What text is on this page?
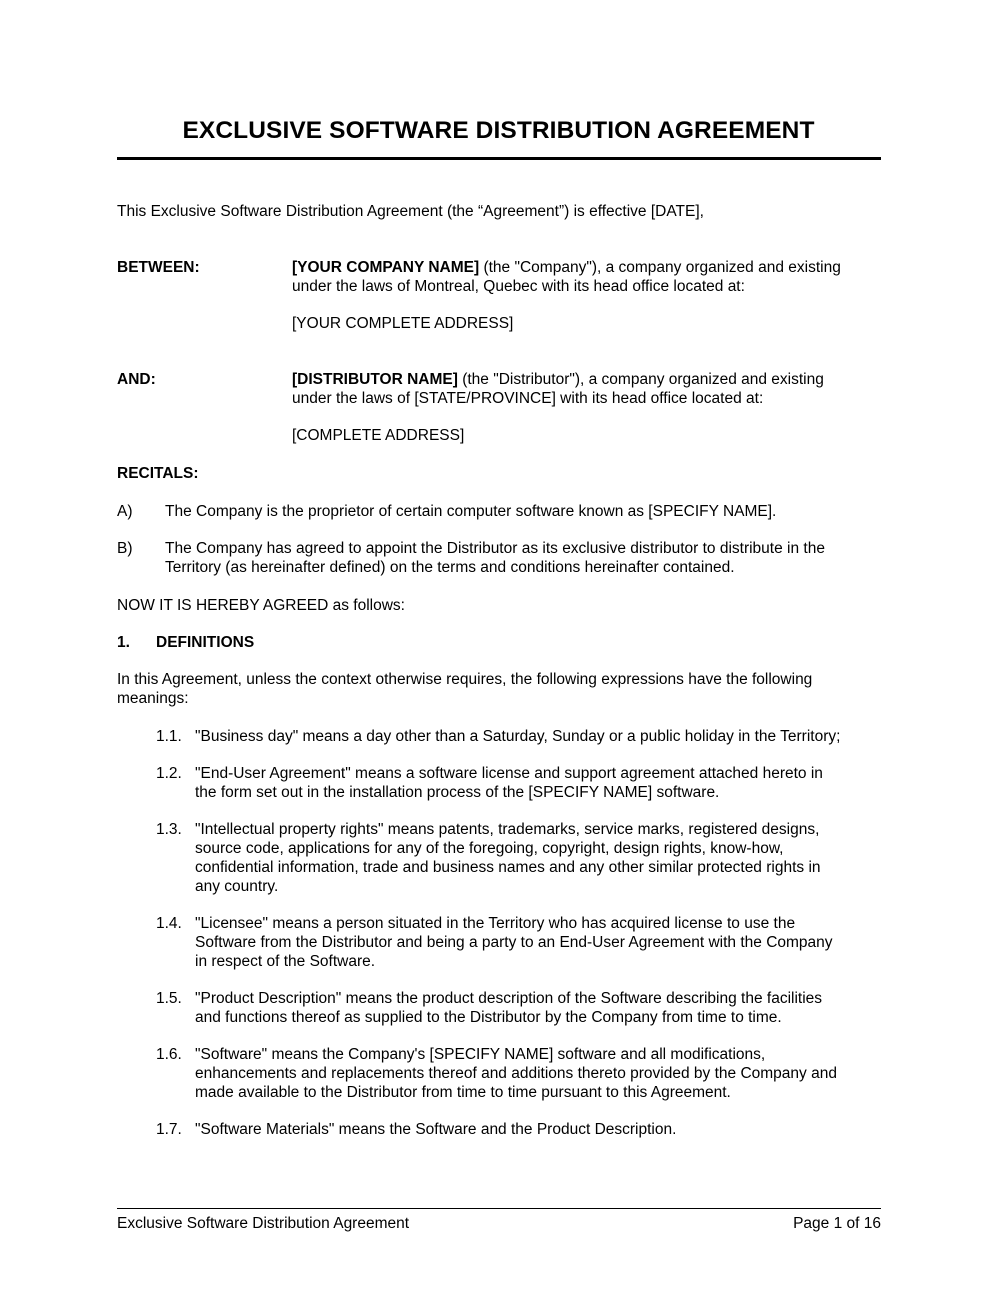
EXCLUSIVE SOFTWARE DISTRIBUTION AGREEMENT
This Exclusive Software Distribution Agreement (the “Agreement”) is effective [DATE],
BETWEEN:	[YOUR COMPANY NAME] (the "Company"), a company organized and existing
under the laws of Montreal, Quebec with its head office located at:
[YOUR COMPLETE ADDRESS]
AND:	[DISTRIBUTOR NAME] (the "Distributor"), a company organized and existing
under the laws of [STATE/PROVINCE] with its head office located at:
[COMPLETE ADDRESS]
RECITALS:
A) The Company is the proprietor of certain computer software known as [SPECIFY NAME].
B) The Company has agreed to appoint the Distributor as its exclusive distributor to distribute in the
Territory (as hereinafter defined) on the terms and conditions hereinafter contained.
NOW IT IS HEREBY AGREED as follows:
1. DEFINITIONS
In this Agreement, unless the context otherwise requires, the following expressions have the following
meanings:
1.1. "Business day" means a day other than a Saturday, Sunday or a public holiday in the Territory;
1.2. "End-User Agreement" means a software license and support agreement attached hereto in
the form set out in the installation process of the [SPECIFY NAME] software.
1.3. "Intellectual property rights" means patents, trademarks, service marks, registered designs,
source code, applications for any of the foregoing, copyright, design rights, know-how,
confidential information, trade and business names and any other similar protected rights in
any country.
1.4. "Licensee" means a person situated in the Territory who has acquired license to use the
Software from the Distributor and being a party to an End-User Agreement with the Company
in respect of the Software.
1.5. "Product Description" means the product description of the Software describing the facilities
and functions thereof as supplied to the Distributor by the Company from time to time.
1.6. "Software" means the Company's [SPECIFY NAME] software and all modifications,
enhancements and replacements thereof and additions thereto provided by the Company and
made available to the Distributor from time to time pursuant to this Agreement.
1.7. "Software Materials" means the Software and the Product Description.
Exclusive Software Distribution Agreement	Page 1 of 16
